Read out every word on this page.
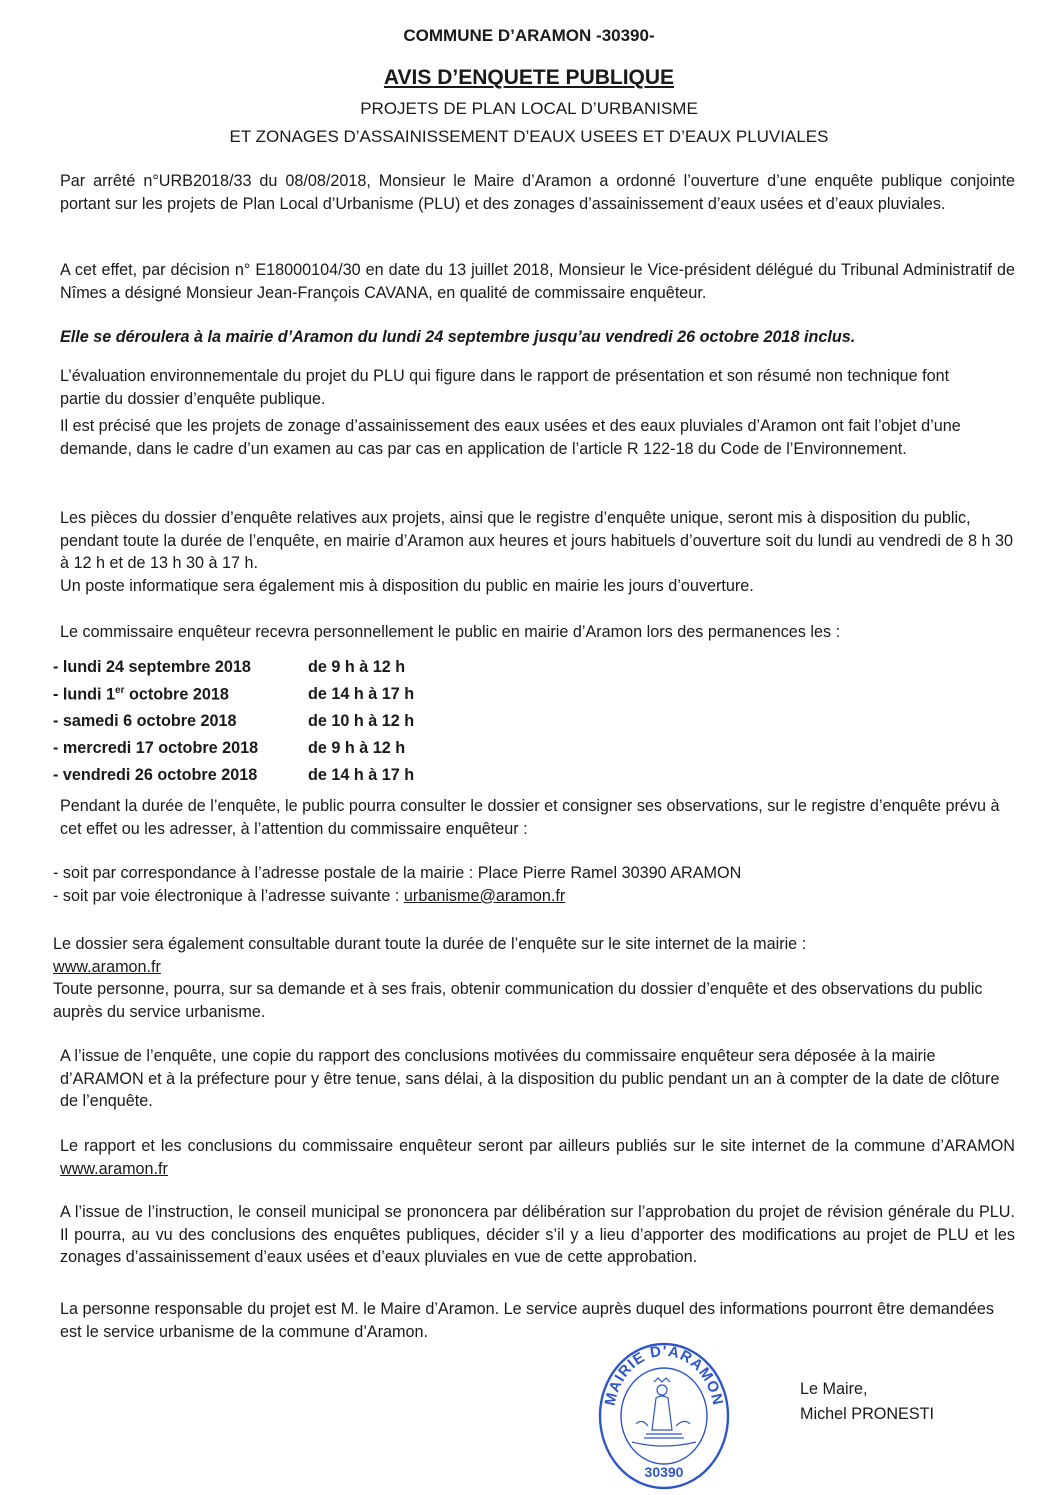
COMMUNE D’ARAMON -30390-
AVIS D’ENQUETE PUBLIQUE
PROJETS DE PLAN LOCAL D’URBANISME
ET ZONAGES D’ASSAINISSEMENT D’EAUX USEES ET D’EAUX PLUVIALES

Par arrêté n°URB2018/33 du 08/08/2018, Monsieur le Maire d’Aramon a ordonné l’ouverture d’une enquête publique conjointe portant sur les projets de Plan Local d’Urbanisme (PLU) et des zonages d’assainissement d’eaux usées et d’eaux pluviales.

A cet effet, par décision n° E18000104/30 en date du 13 juillet 2018, Monsieur le Vice-président délégué du Tribunal Administratif de Nîmes a désigné Monsieur Jean-François CAVANA, en qualité de commissaire enquêteur.

Elle se déroulera à la mairie d’Aramon du lundi 24 septembre jusqu’au vendredi 26 octobre 2018 inclus.

L’évaluation environnementale du projet du PLU qui figure dans le rapport de présentation et son résumé non technique font partie du dossier d’enquête publique.

Il est précisé que les projets de zonage d’assainissement des eaux usées et des eaux pluviales d’Aramon ont fait l’objet d’une demande, dans le cadre d’un examen au cas par cas en application de l’article R 122-18 du Code de l’Environnement.

Les pièces du dossier d’enquête relatives aux projets, ainsi que le registre d’enquête unique, seront mis à disposition du public, pendant toute la durée de l’enquête, en mairie d’Aramon aux heures et jours habituels d’ouverture soit du lundi au vendredi de 8 h 30 à 12 h et de 13 h 30 à 17 h.

Un poste informatique sera également mis à disposition du public en mairie les jours d’ouverture.

Le commissaire enquêteur recevra personnellement le public en mairie d’Aramon lors des permanences les :

- lundi 24 septembre 2018	de 9 h à 12 h
- lundi 1er octobre 2018	de 14 h à 17 h
- samedi 6 octobre 2018	de 10 h à 12 h
- mercredi 17 octobre 2018	de 9 h à 12 h
- vendredi 26 octobre 2018	de 14 h à 17 h

Pendant la durée de l’enquête, le public pourra consulter le dossier et consigner ses observations, sur le registre d’enquête prévu à cet effet ou les adresser, à l’attention du commissaire enquêteur :

- soit par correspondance à l’adresse postale de la mairie : Place Pierre Ramel 30390 ARAMON

- soit par voie électronique à l’adresse suivante : urbanisme@aramon.fr

Le dossier sera également consultable durant toute la durée de l’enquête sur le site internet de la mairie :

www.aramon.fr

Toute personne, pourra, sur sa demande et à ses frais, obtenir communication du dossier d’enquête et des observations du public auprès du service urbanisme.

A l’issue de l’enquête, une copie du rapport des conclusions motivées du commissaire enquêteur sera déposée à la mairie d’ARAMON et à la préfecture pour y être tenue, sans délai, à la disposition du public pendant un an à compter de la date de clôture de l’enquête.

Le rapport et les conclusions du commissaire enquêteur seront par ailleurs publiés sur le site internet de la commune d’ARAMON www.aramon.fr

A l’issue de l’instruction, le conseil municipal se prononcera par délibération sur l’approbation du projet de révision générale du PLU. Il pourra, au vu des conclusions des enquêtes publiques, décider s’il y a lieu d’apporter des modifications au projet de PLU et les zonages d’assainissement d’eaux usées et d’eaux pluviales en vue de cette approbation.

La personne responsable du projet est M. le Maire d’Aramon. Le service auprès duquel des informations pourront être demandées est le service urbanisme de la commune d’Aramon.

MAIRIE D'ARAMON
30390
Le Maire,
Michel PRONESTI
